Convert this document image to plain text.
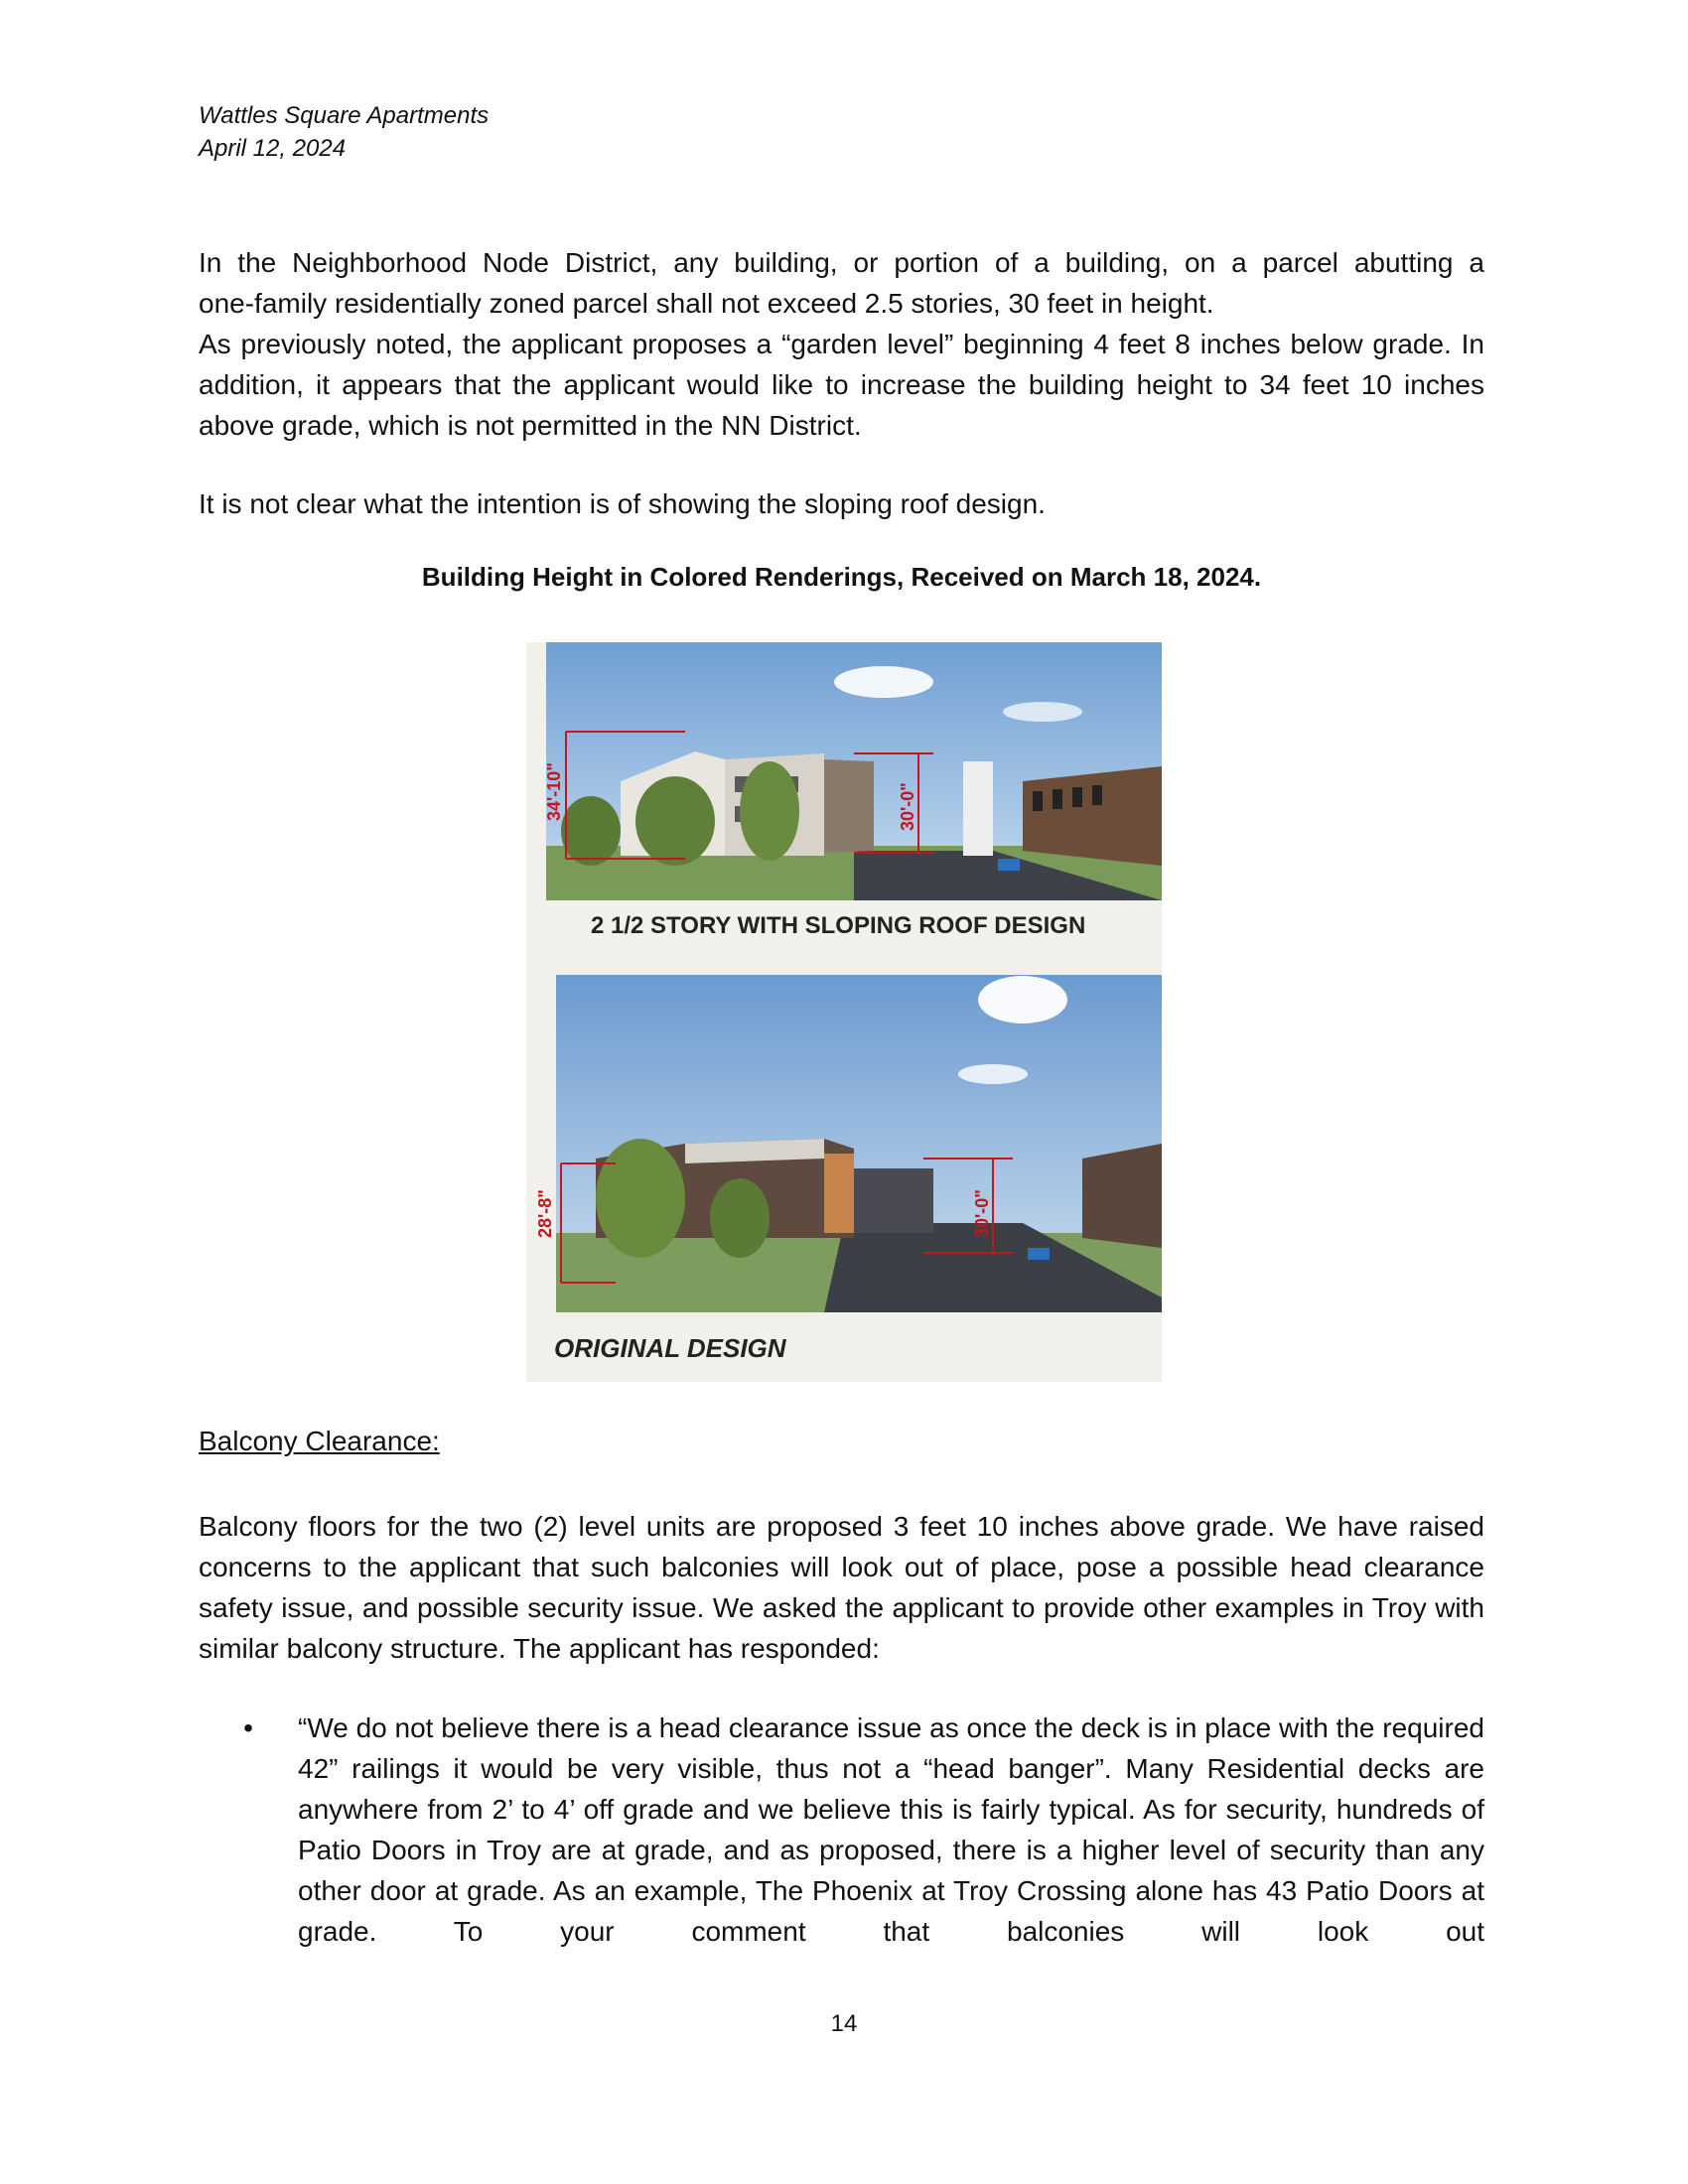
Wattles Square Apartments
April 12, 2024
In the Neighborhood Node District, any building, or portion of a building, on a parcel abutting a
one-family residentially zoned parcel shall not exceed 2.5 stories, 30 feet in height.

As previously noted, the applicant proposes a “garden level” beginning 4 feet 8 inches below grade. In addition, it appears that the applicant would like to increase the building height to 34 feet 10 inches above grade, which is not permitted in the NN District.

It is not clear what the intention is of showing the sloping roof design.

Building Height in Colored Renderings, Received on March 18, 2024.

34'-10"	30'-0"
2 1/2 STORY WITH SLOPING ROOF DESIGN
28'-8"	30'-0"
ORIGINAL DESIGN

Balcony Clearance:

Balcony floors for the two (2) level units are proposed 3 feet 10 inches above grade. We have raised concerns to the applicant that such balconies will look out of place, pose a possible head clearance safety issue, and possible security issue. We asked the applicant to provide other examples in Troy with similar balcony structure. The applicant has responded:

•	“We do not believe there is a head clearance issue as once the deck is in place with the required 42” railings it would be very visible, thus not a “head banger”. Many Residential decks are anywhere from 2’ to 4’ off grade and we believe this is fairly typical. As for security, hundreds of Patio Doors in Troy are at grade, and as proposed, there is a higher level of security than any other door at grade. As an example, The Phoenix at Troy Crossing alone has 43 Patio Doors at grade. To your comment that balconies will look out

14
